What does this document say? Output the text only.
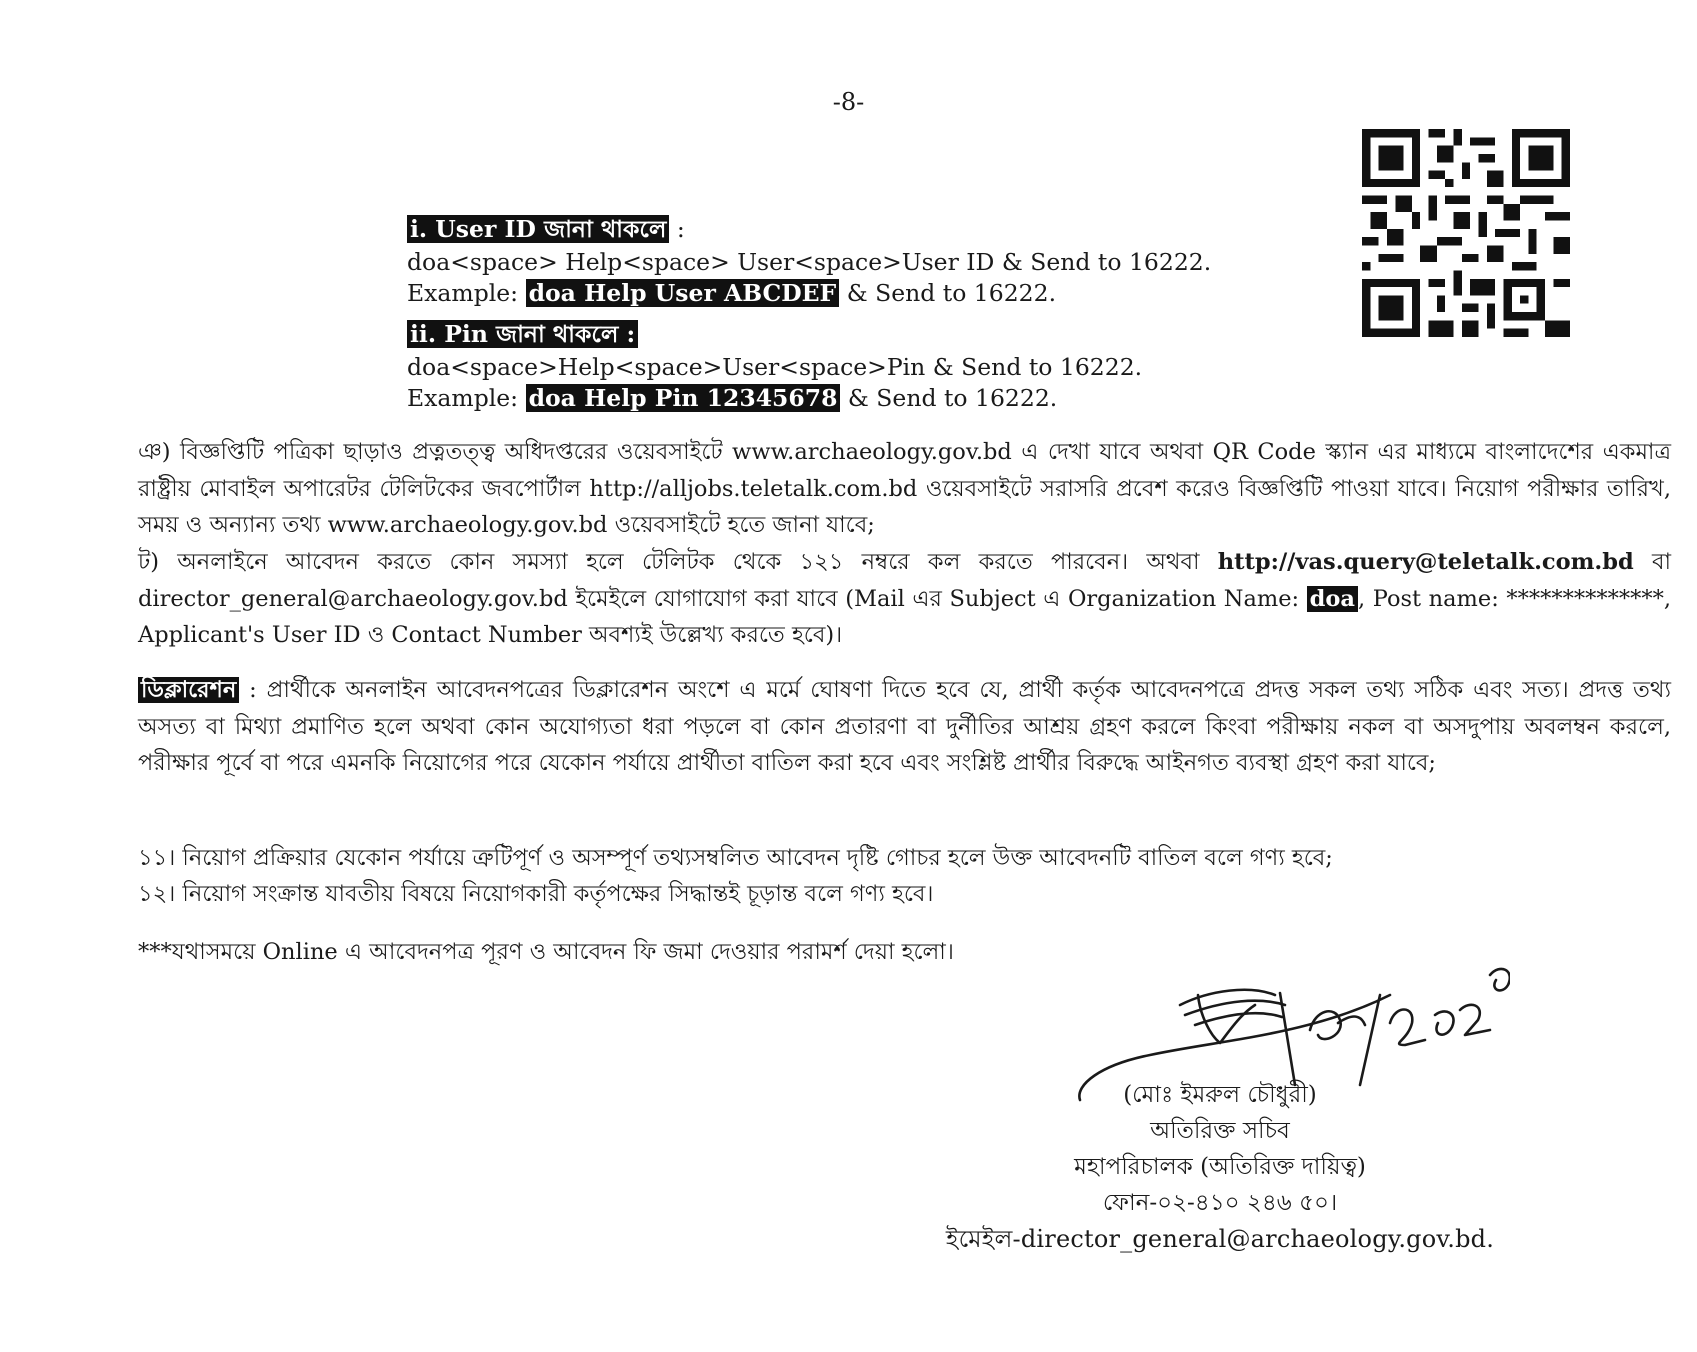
-8-
i. User ID জানা থাকলে :
doa<space> Help<space> User<space>User ID & Send to 16222.
Example: doa Help User ABCDEF & Send to 16222.
ii. Pin জানা থাকলে :
doa<space>Help<space>User<space>Pin & Send to 16222.
Example: doa Help Pin 12345678 & Send to 16222.
ঞ) বিজ্ঞপ্তিটি পত্রিকা ছাড়াও প্রত্নতত্ত্ব অধিদপ্তরের ওয়েবসাইটে www.archaeology.gov.bd এ দেখা যাবে অথবা QR Code স্ক্যান এর মাধ্যমে বাংলাদেশের একমাত্র রাষ্ট্রীয় মোবাইল অপারেটর টেলিটকের জবপোর্টাল http://alljobs.teletalk.com.bd ওয়েবসাইটে সরাসরি প্রবেশ করেও বিজ্ঞপ্তিটি পাওয়া যাবে। নিয়োগ পরীক্ষার তারিখ, সময় ও অন্যান্য তথ্য www.archaeology.gov.bd ওয়েবসাইটে হতে জানা যাবে;
ট) অনলাইনে আবেদন করতে কোন সমস্যা হলে টেলিটক থেকে ১২১ নম্বরে কল করতে পারবেন। অথবা http://vas.query@teletalk.com.bd বা director_general@archaeology.gov.bd ইমেইলে যোগাযোগ করা যাবে (Mail এর Subject এ Organization Name: doa , Post name: **************, Applicant's User ID ও Contact Number অবশ্যই উল্লেখ্য করতে হবে)।
ডিক্লারেশন : প্রার্থীকে অনলাইন আবেদনপত্রের ডিক্লারেশন অংশে এ মর্মে ঘোষণা দিতে হবে যে, প্রার্থী কর্তৃক আবেদনপত্রে প্রদত্ত সকল তথ্য সঠিক এবং সত্য। প্রদত্ত তথ্য অসত্য বা মিথ্যা প্রমাণিত হলে অথবা কোন অযোগ্যতা ধরা পড়লে বা কোন প্রতারণা বা দুর্নীতির আশ্রয় গ্রহণ করলে কিংবা পরীক্ষায় নকল বা অসদুপায় অবলম্বন করলে, পরীক্ষার পূর্বে বা পরে এমনকি নিয়োগের পরে যেকোন পর্যায়ে প্রার্থীতা বাতিল করা হবে এবং সংশ্লিষ্ট প্রার্থীর বিরুদ্ধে আইনগত ব্যবস্থা গ্রহণ করা যাবে;
১১। নিয়োগ প্রক্রিয়ার যেকোন পর্যায়ে ত্রুটিপূর্ণ ও অসম্পূর্ণ তথ্যসম্বলিত আবেদন দৃষ্টি গোচর হলে উক্ত আবেদনটি বাতিল বলে গণ্য হবে;
১২। নিয়োগ সংক্রান্ত যাবতীয় বিষয়ে নিয়োগকারী কর্তৃপক্ষের সিদ্ধান্তই চূড়ান্ত বলে গণ্য হবে।
***যথাসময়ে Online এ আবেদনপত্র পূরণ ও আবেদন ফি জমা দেওয়ার পরামর্শ দেয়া হলো।
২৭/০২/২০২৩
(মোঃ ইমরুল চৌধুরী)
অতিরিক্ত সচিব
মহাপরিচালক (অতিরিক্ত দায়িত্ব)
ফোন-০২-৪১০ ২৪৬ ৫০।
ইমেইল-director_general@archaeology.gov.bd.
